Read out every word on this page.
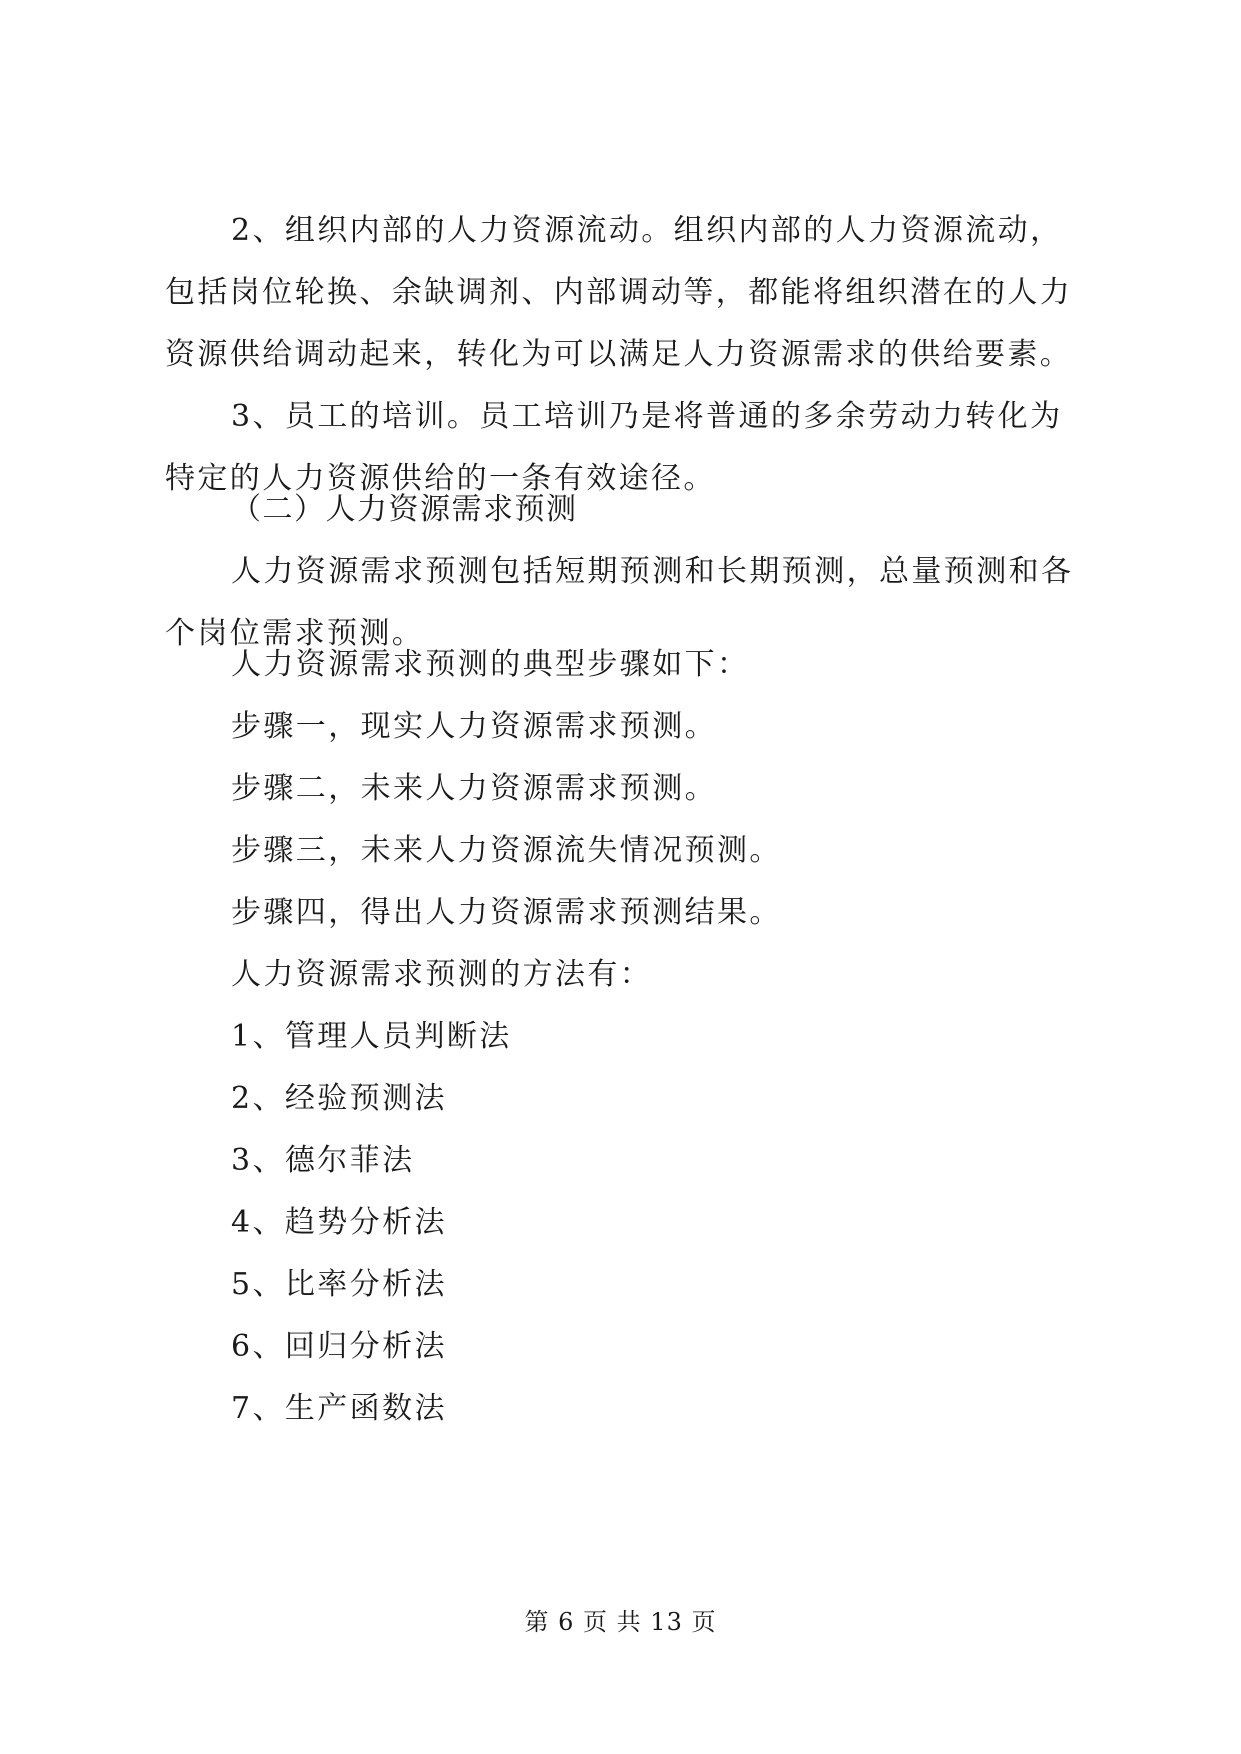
2、组织内部的人力资源流动。组织内部的人力资源流动，包括岗位轮换、余缺调剂、内部调动等，都能将组织潜在的人力资源供给调动起来，转化为可以满足人力资源需求的供给要素。

3、员工的培训。员工培训乃是将普通的多余劳动力转化为特定的人力资源供给的一条有效途径。

（二）人力资源需求预测

人力资源需求预测包括短期预测和长期预测，总量预测和各个岗位需求预测。

人力资源需求预测的典型步骤如下：

步骤一，现实人力资源需求预测。

步骤二，未来人力资源需求预测。

步骤三，未来人力资源流失情况预测。

步骤四，得出人力资源需求预测结果。

人力资源需求预测的方法有：

1、管理人员判断法

2、经验预测法

3、德尔菲法

4、趋势分析法

5、比率分析法

6、回归分析法

7、生产函数法

第 6 页 共 13 页
